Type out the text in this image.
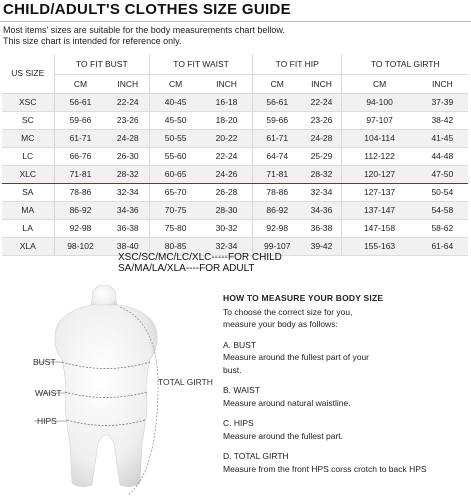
CHILD/ADULT'S CLOTHES SIZE GUIDE
Most items' sizes are suitable for the body measurements chart bellow.
This size chart is intended for reference only.
US SIZE	TO FIT BUST		TO FIT WAIST		TO FIT HIP		TO TOTAL GIRTH	
	CM	INCH	CM	INCH	CM	INCH	CM	INCH
XSC	56-61	22-24	40-45	16-18	56-61	22-24	94-100	37-39
SC	59-66	23-26	45-50	18-20	59-66	23-26	97-107	38-42
MC	61-71	24-28	50-55	20-22	61-71	24-28	104-114	41-45
LC	66-76	26-30	55-60	22-24	64-74	25-29	112-122	44-48
XLC	71-81	28-32	60-65	24-26	71-81	28-32	120-127	47-50
SA	78-86	32-34	65-70	26-28	78-86	32-34	127-137	50-54
MA	86-92	34-36	70-75	28-30	86-92	34-36	137-147	54-58
LA	92-98	36-38	75-80	30-32	92-98	36-38	147-158	58-62
XLA	98-102	38-40	80-85	32-34	99-107	39-42	155-163	61-64
XSC/SC/MC/LC/XLC-----FOR CHILD
SA/MA/LA/XLA----FOR ADULT
BUST
WAIST
HIPS
TOTAL GIRTH

HOW TO MEASURE YOUR BODY SIZE

To choose the correct size for you,

measure your body as follows:

A. BUST

Measure around the fullest part of your

bust.

B. WAIST

Measure around natural waistline.

C. HIPS

Measure around the fullest part.

D. TOTAL GIRTH

Measure from the front HPS corss crotch to back HPS
